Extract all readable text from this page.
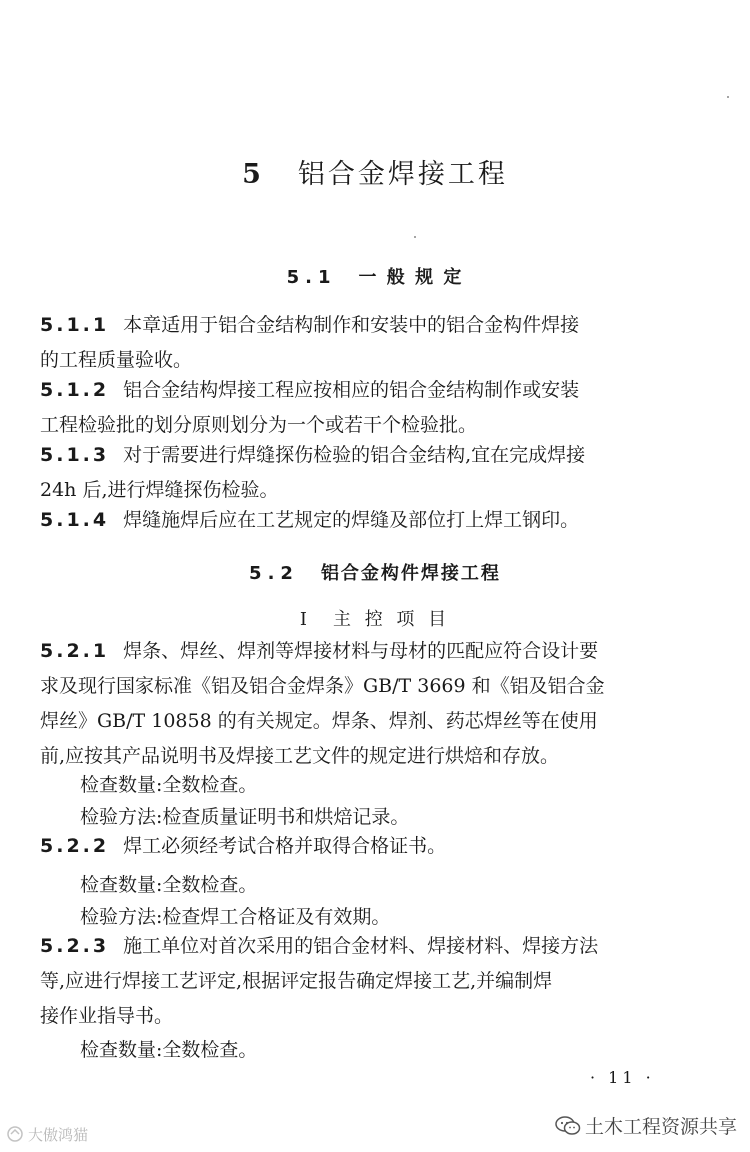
5 铝合金焊接工程
5.1 一 般 规 定
5.1.1 本章适用于铝合金结构制作和安装中的铝合金构件焊接
的工程质量验收。
5.1.2 铝合金结构焊接工程应按相应的铝合金结构制作或安装
工程检验批的划分原则划分为一个或若干个检验批。
5.1.3 对于需要进行焊缝探伤检验的铝合金结构,宜在完成焊接
24h 后,进行焊缝探伤检验。
5.1.4 焊缝施焊后应在工艺规定的焊缝及部位打上焊工钢印。
5.2 铝合金构件焊接工程
Ⅰ 主 控 项 目
5.2.1 焊条、焊丝、焊剂等焊接材料与母材的匹配应符合设计要
求及现行国家标准《铝及铝合金焊条》GB/T 3669 和《铝及铝合金
焊丝》GB/T 10858 的有关规定。焊条、焊剂、药芯焊丝等在使用
前,应按其产品说明书及焊接工艺文件的规定进行烘焙和存放。
检查数量:全数检查。
检验方法:检查质量证明书和烘焙记录。
5.2.2 焊工必须经考试合格并取得合格证书。
检查数量:全数检查。
检验方法:检查焊工合格证及有效期。
5.2.3 施工单位对首次采用的铝合金材料、焊接材料、焊接方法
等,应进行焊接工艺评定,根据评定报告确定焊接工艺,并编制焊
接作业指导书。
检查数量:全数检查。
· 11 ·
土木工程资源共享
大傲鸿猫
